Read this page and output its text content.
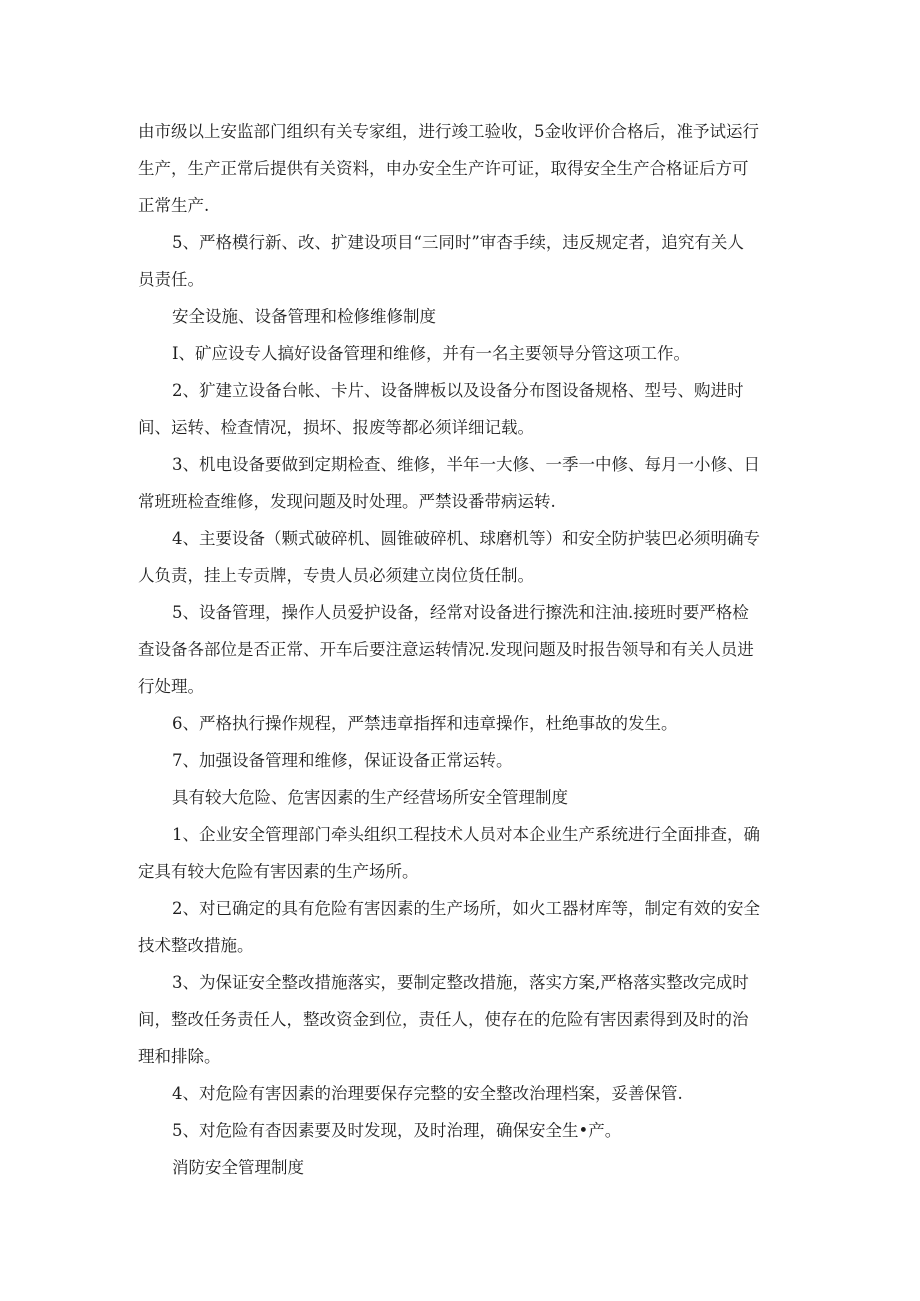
由市级以上安监部门组织有关专家组，进行竣工验收，5金收评价合格后，准予试运行
生产，生产正常后提供有关资料，申办安全生产许可证，取得安全生产合格证后方可
正常生产.
5、严格模行新、改、扩建设项目“三同时”审杳手续，违反规定者，追究有关人
员责任。
安全设施、设备管理和检修维修制度
I、矿应设专人搞好设备管理和维修，并有一名主要领导分管这项工作。
2、犷建立设备台帐、卡片、设备牌板以及设备分布图设备规格、型号、购进时
间、运转、检查情况，损坏、报废等都必须详细记载。
3、机电设备要做到定期检查、维修，半年一大修、一季一中修、每月一小修、日
常班班检查维修，发现问题及时处理。严禁设番带病运转.
4、主要设备（颗式破碎机、圆锥破碎机、球磨机等）和安全防护装巴必须明确专
人负责，挂上专贡牌，专贵人员必须建立岗位货任制。
5、设备管理，操作人员爱护设备，经常对设备进行擦洗和注油.接班时要严格检
查设备各部位是否正常、开车后要注意运转情况.发现问题及时报告领导和有关人员进
行处理。
6、严格执行操作规程，严禁违章指挥和违章操作，杜绝事故的发生。
7、加强设备管理和维修，保证设备正常运转。
具有较大危险、危害因素的生产经营场所安全管理制度
1、企业安全管理部门牵头组织工程技术人员对本企业生产系统进行全面排查，确
定具有较大危险有害因素的生产场所。
2、对已确定的具有危险有害因素的生产场所，如火工器材库等，制定有效的安全
技术整改措施。
3、为保证安全整改措施落实，要制定整改措施，落实方案,严格落实整改完成时
间，整改任务责任人，整改资金到位，责任人，使存在的危险有害因素得到及时的治
理和排除。
4、对危险有害因素的治理要保存完整的安全整改治理档案，妥善保管.
5、对危险有杳因素要及时发现，及时治理，确保安全生•产。
消防安全管理制度
